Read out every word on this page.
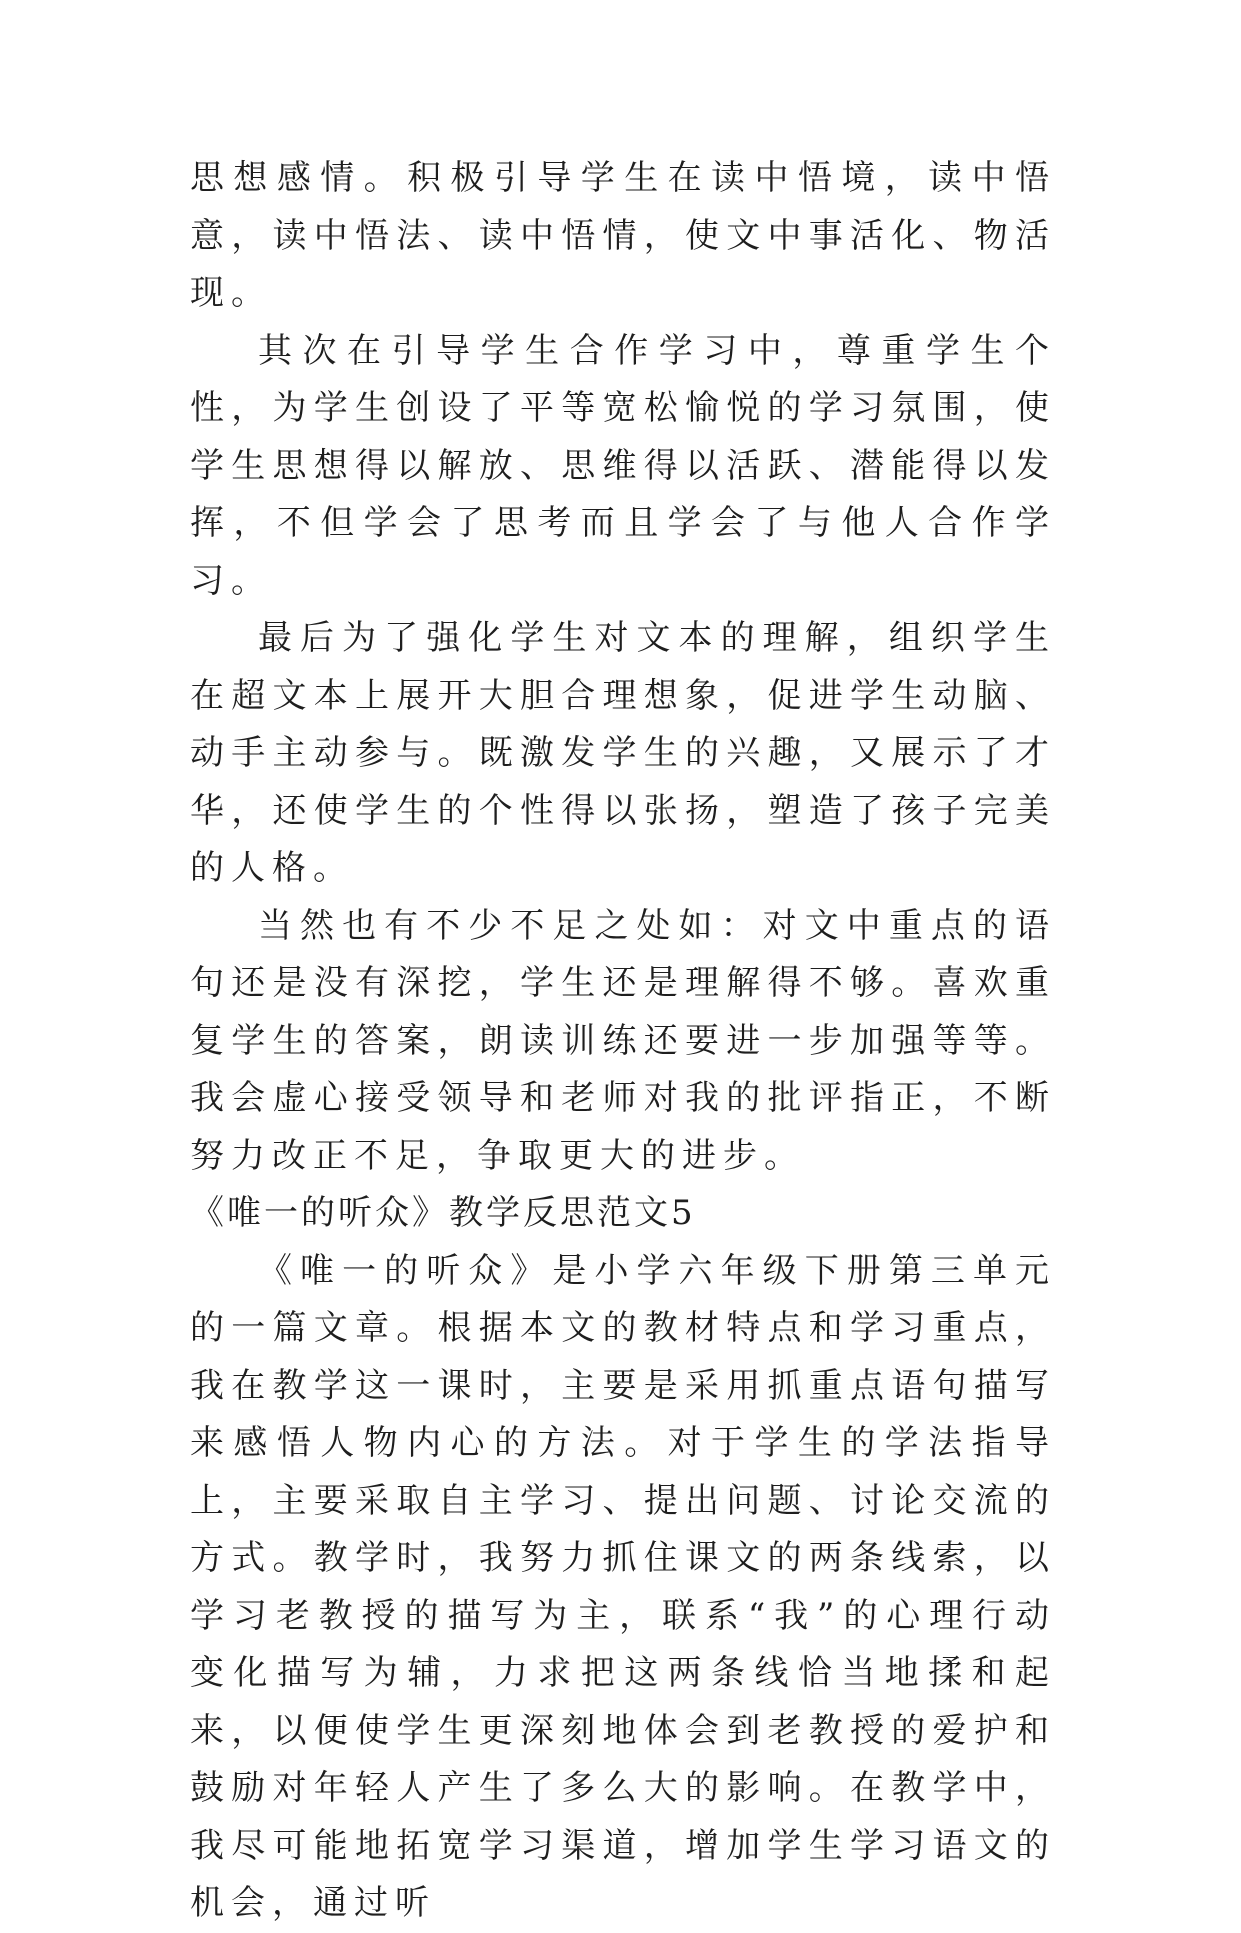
思想感情。积极引导学生在读中悟境，读中悟意，读中悟法、读中悟情，使文中事活化、物活现。

其次在引导学生合作学习中，尊重学生个性，为学生创设了平等宽松愉悦的学习氛围，使学生思想得以解放、思维得以活跃、潜能得以发挥，不但学会了思考而且学会了与他人合作学习。

最后为了强化学生对文本的理解，组织学生在超文本上展开大胆合理想象，促进学生动脑、动手主动参与。既激发学生的兴趣，又展示了才华，还使学生的个性得以张扬，塑造了孩子完美的人格。

当然也有不少不足之处如：对文中重点的语句还是没有深挖，学生还是理解得不够。喜欢重复学生的答案，朗读训练还要进一步加强等等。我会虚心接受领导和老师对我的批评指正，不断努力改正不足，争取更大的进步。

《唯一的听众》教学反思范文5

《唯一的听众》是小学六年级下册第三单元的一篇文章。根据本文的教材特点和学习重点，我在教学这一课时，主要是采用抓重点语句描写来感悟人物内心的方法。对于学生的学法指导上，主要采取自主学习、提出问题、讨论交流的方式。教学时，我努力抓住课文的两条线索，以学习老教授的描写为主，联系“我”的心理行动变化描写为辅，力求把这两条线恰当地揉和起来，以便使学生更深刻地体会到老教授的爱护和鼓励对年轻人产生了多么大的影响。在教学中，我尽可能地拓宽学习渠道，增加学生学习语文的机会，通过听
